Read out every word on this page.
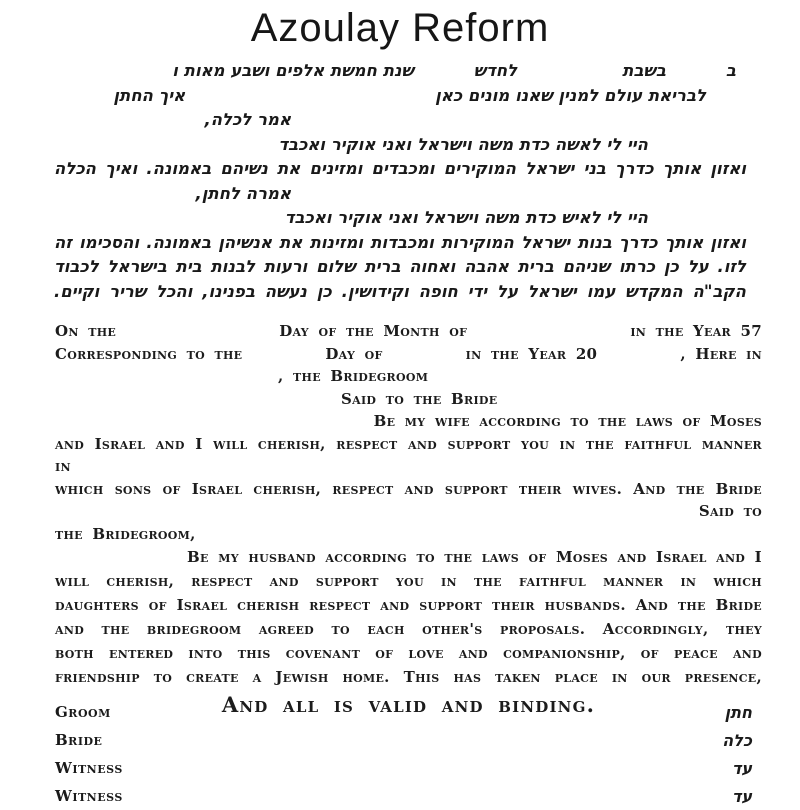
Azoulay Reform
בבשבתלחדששנת חמשת אלפים ושבע מאות ו
לבריאת עולם למנין שאנו מונים כאןאיך החתן
אמר לכלה,
היי לי לאשה כדת משה וישראל ואני אוקיר ואכבד
ואזון אותך כדרך בני ישראל המוקירים ומכבדים ומזינים את נשיהם באמונה. ואיך הכלה
אמרה לחתן,
היי לי לאיש כדת משה וישראל ואני אוקיר ואכבד
ואזון אותך כדרך בנות ישראל המוקירות ומכבדות ומזינות את אנשיהן באמונה. והסכימו זה
לזו. על כן כרתו שניהם ברית אהבה ואחוה ברית שלום ורעות לבנות בית בישראל לכבוד
הקב"ה המקדש עמו ישראל על ידי חופה וקידושין. כן נעשה בפנינו, והכל שריר וקיים.
On the	Day of the Month of	in the Year 57
Corresponding to the	Day of	in the Year 20	, Here in
, the Bridegroom
Said to the Bride
Be my wife according to the laws of Moses
and Israel and I will cherish, respect and support you in the faithful manner in
which sons of Israel cherish, respect and support their wives. And the Bride
Said to
the Bridegroom,
Be my husband according to the laws of Moses and Israel and I
will cherish, respect and support you in the faithful manner in which
daughters of Israel cherish respect and support their husbands. And the Bride
and the bridegroom agreed to each other's proposals. Accordingly, they
both entered into this covenant of love and companionship, of peace and
friendship to create a Jewish home. This has taken place in our presence,
And all is valid and binding.
Groom	חתן
Bride	כלה
Witness	עד
Witness	עד
